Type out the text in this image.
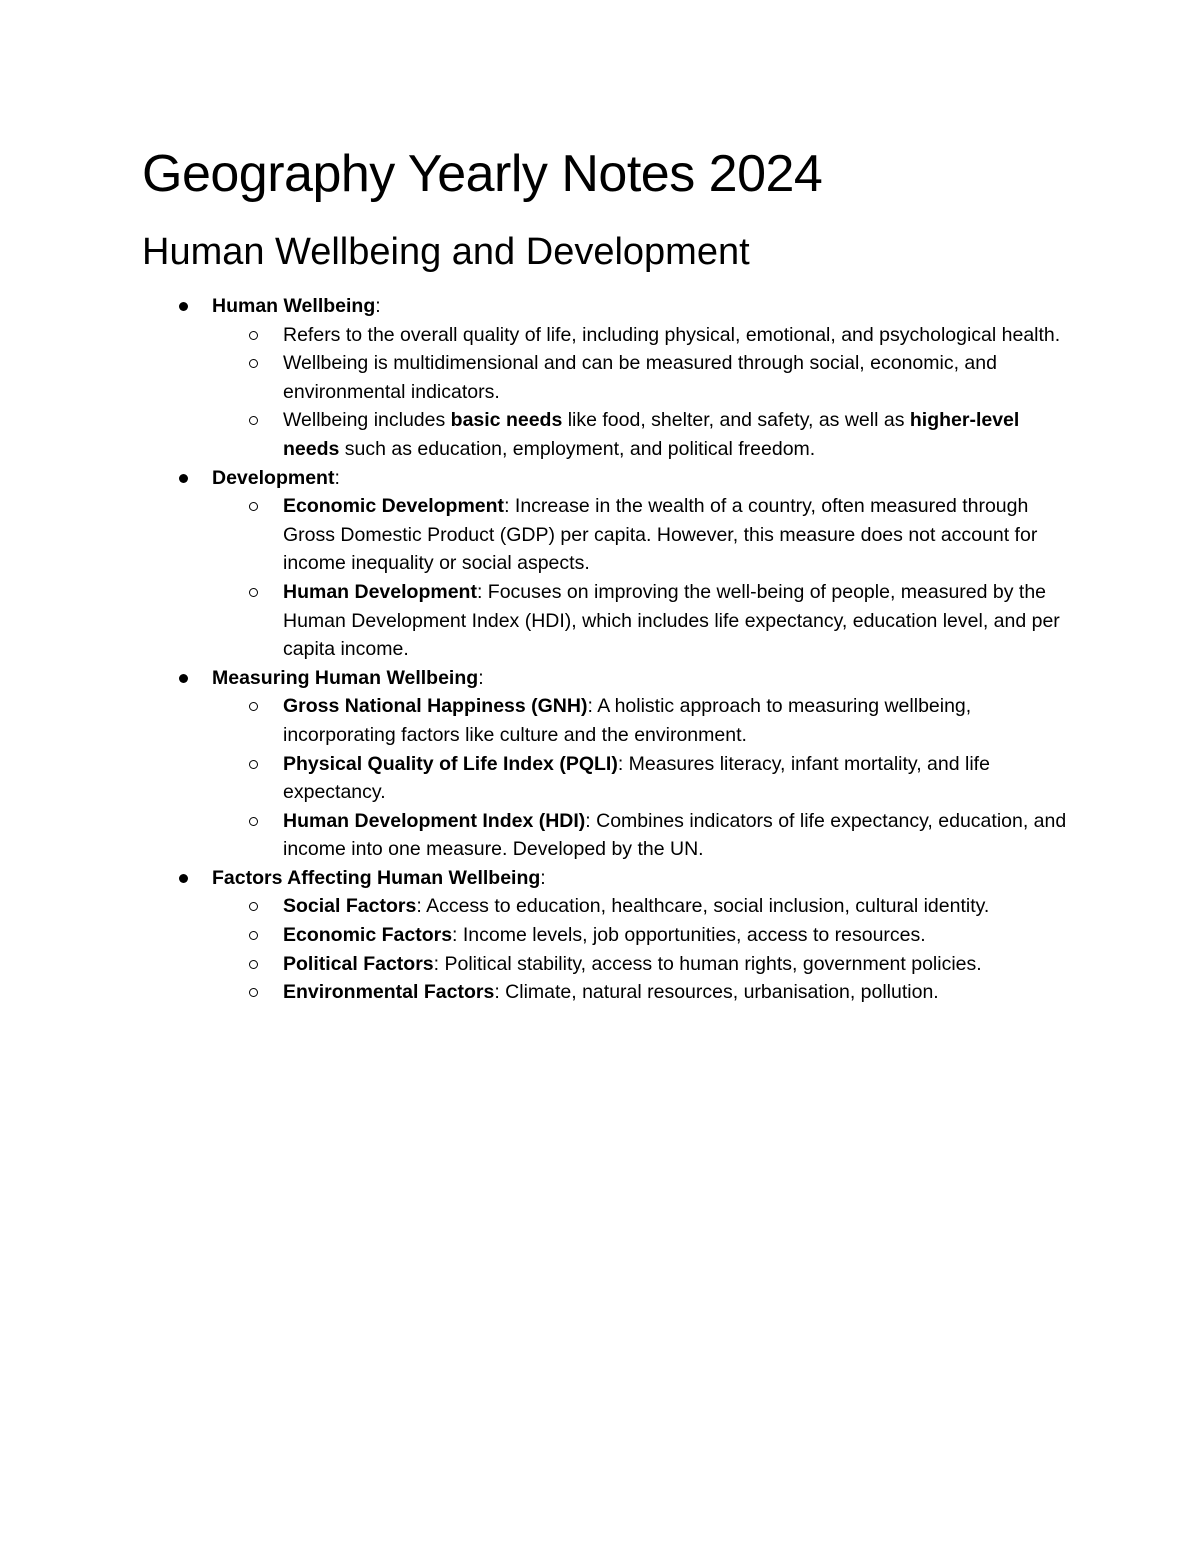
Geography Yearly Notes 2024
Human Wellbeing and Development
Human Wellbeing:
Refers to the overall quality of life, including physical, emotional, and psychological health.
Wellbeing is multidimensional and can be measured through social, economic, and environmental indicators.
Wellbeing includes basic needs like food, shelter, and safety, as well as higher-level needs such as education, employment, and political freedom.
Development:
Economic Development: Increase in the wealth of a country, often measured through Gross Domestic Product (GDP) per capita. However, this measure does not account for income inequality or social aspects.
Human Development: Focuses on improving the well-being of people, measured by the Human Development Index (HDI), which includes life expectancy, education level, and per capita income.
Measuring Human Wellbeing:
Gross National Happiness (GNH): A holistic approach to measuring wellbeing, incorporating factors like culture and the environment.
Physical Quality of Life Index (PQLI): Measures literacy, infant mortality, and life expectancy.
Human Development Index (HDI): Combines indicators of life expectancy, education, and income into one measure. Developed by the UN.
Factors Affecting Human Wellbeing:
Social Factors: Access to education, healthcare, social inclusion, cultural identity.
Economic Factors: Income levels, job opportunities, access to resources.
Political Factors: Political stability, access to human rights, government policies.
Environmental Factors: Climate, natural resources, urbanisation, pollution.
